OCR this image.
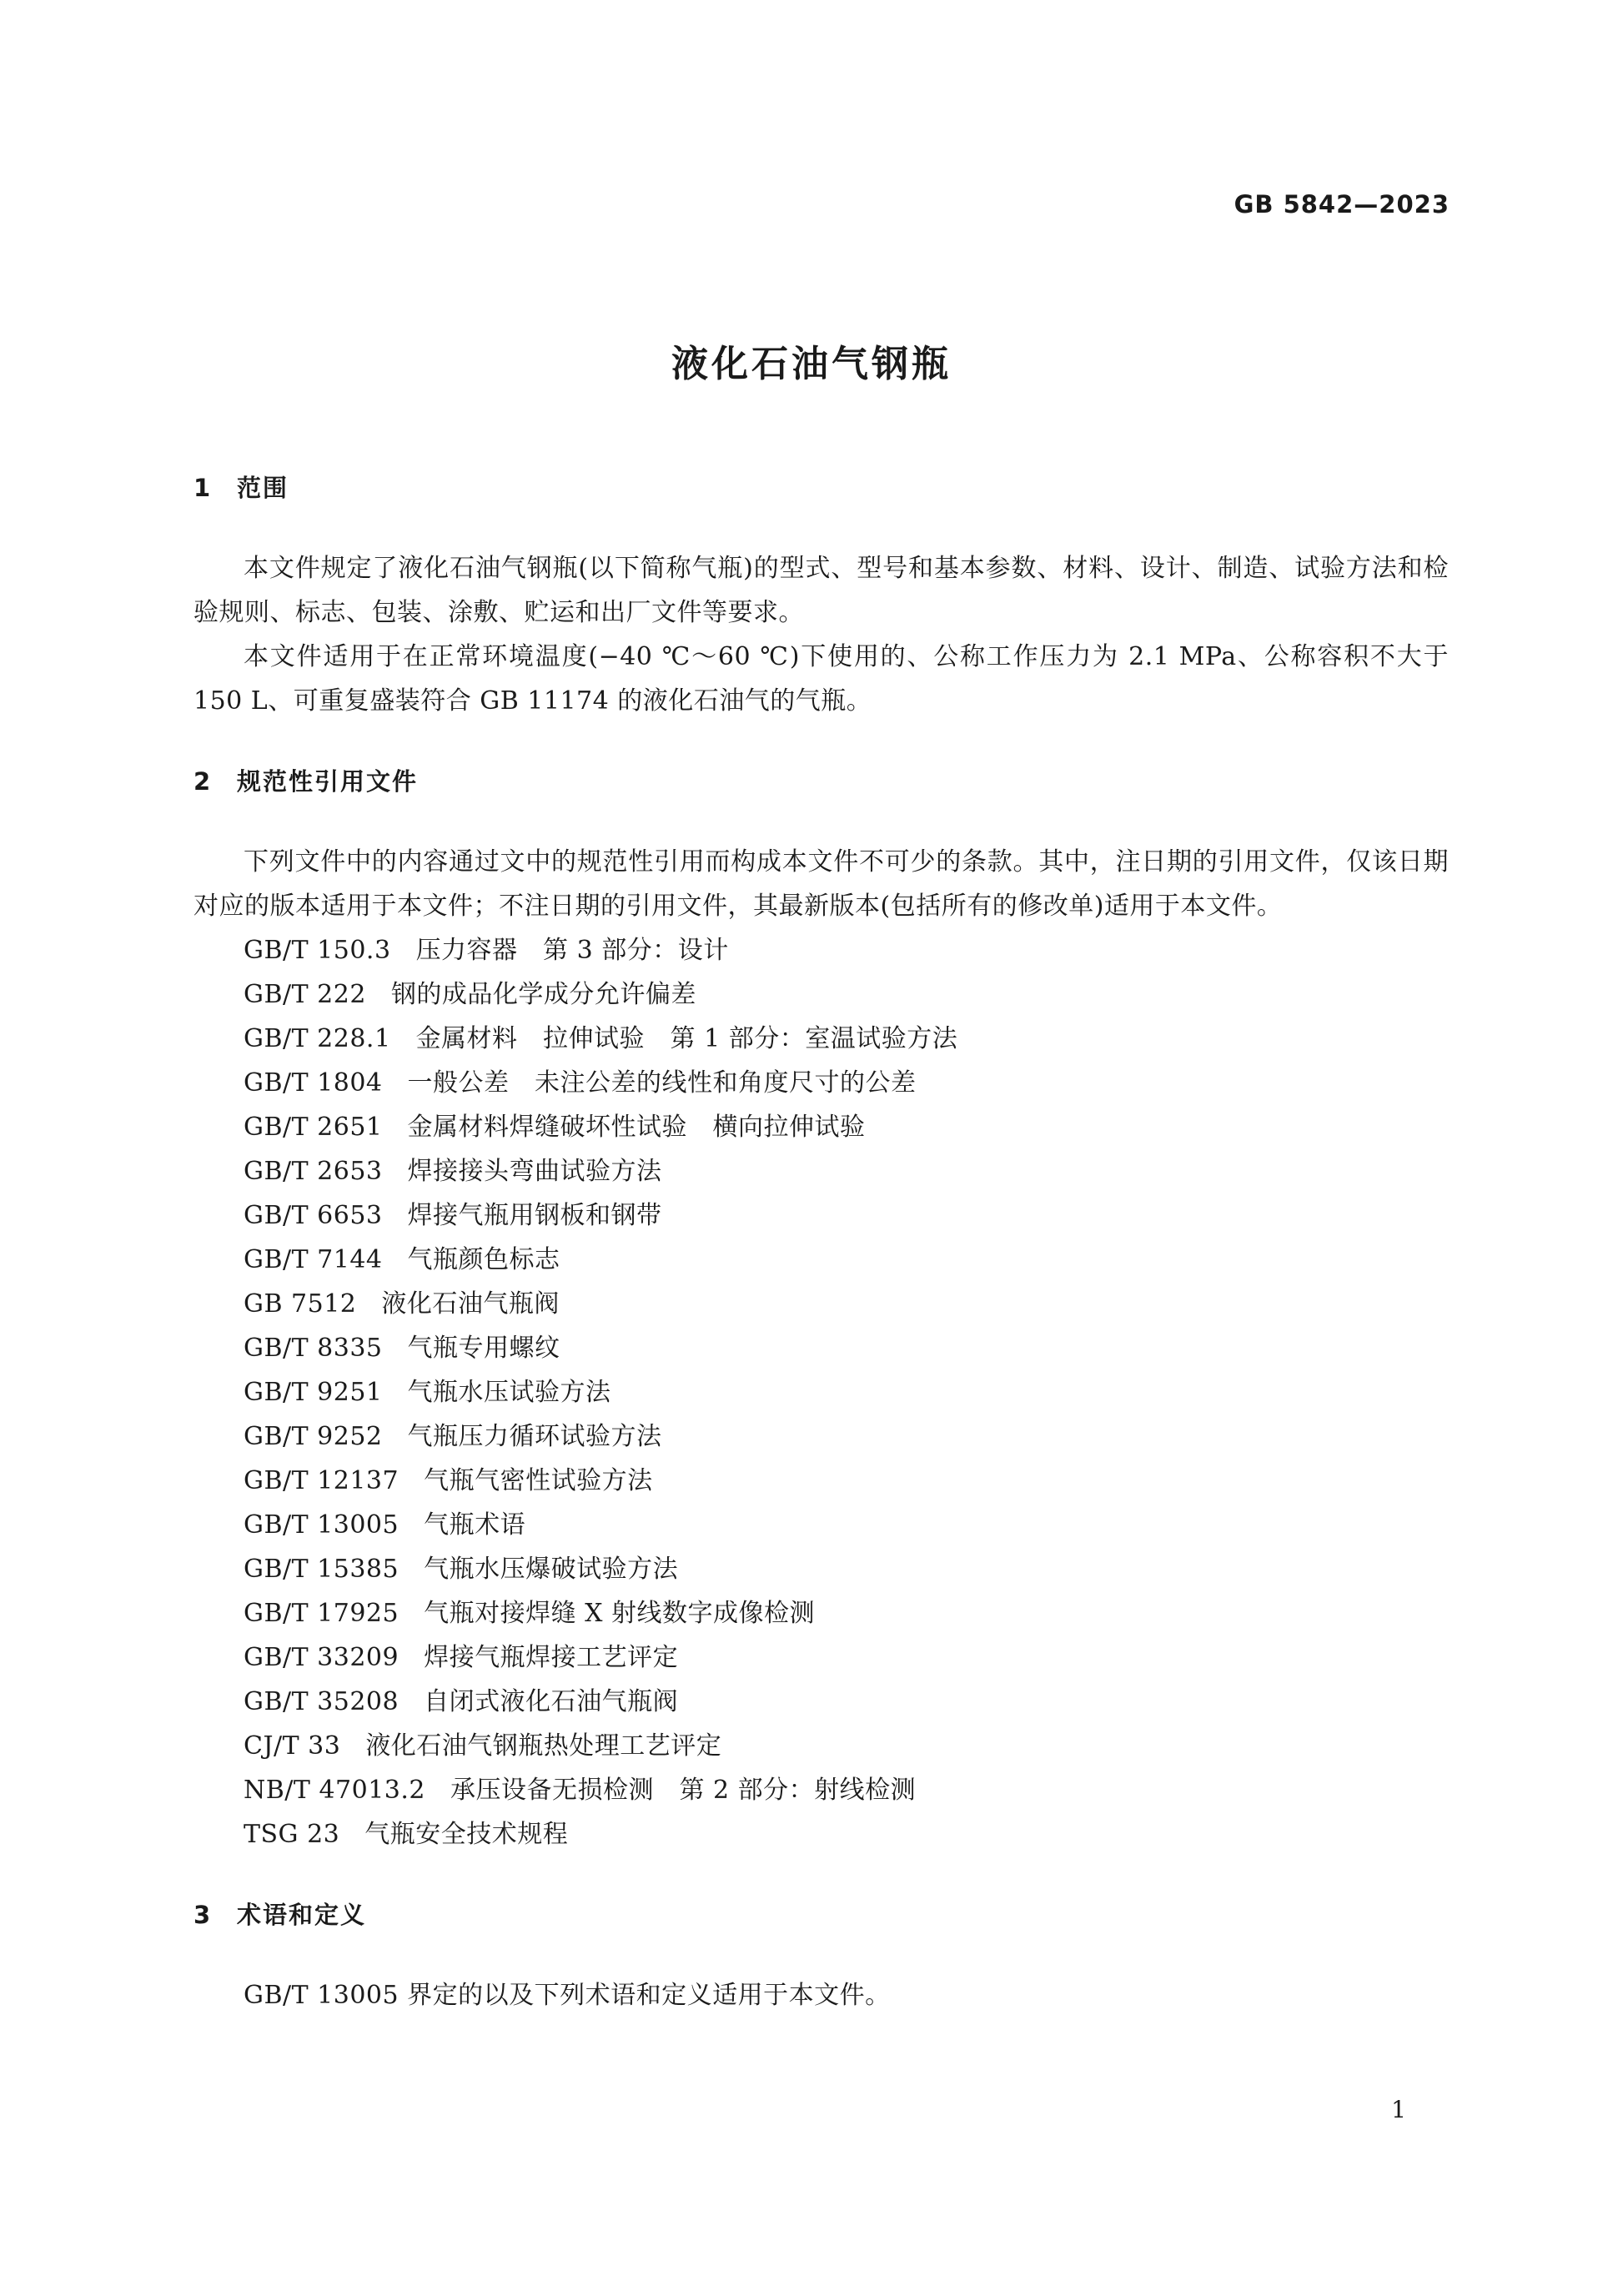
GB 5842—2023
液化石油气钢瓶
1 范围

本文件规定了液化石油气钢瓶(以下简称气瓶)的型式、型号和基本参数、材料、设计、制造、试验方法和检验规则、标志、包装、涂敷、贮运和出厂文件等要求。

本文件适用于在正常环境温度(−40 ℃～60 ℃)下使用的、公称工作压力为 2.1 MPa、公称容积不大于 150 L、可重复盛装符合 GB 11174 的液化石油气的气瓶。

2 规范性引用文件

下列文件中的内容通过文中的规范性引用而构成本文件不可少的条款。其中，注日期的引用文件，仅该日期对应的版本适用于本文件；不注日期的引用文件，其最新版本(包括所有的修改单)适用于本文件。

GB/T 150.3 压力容器　第 3 部分：设计
GB/T 222 钢的成品化学成分允许偏差
GB/T 228.1 金属材料　拉伸试验　第 1 部分：室温试验方法
GB/T 1804 一般公差　未注公差的线性和角度尺寸的公差
GB/T 2651 金属材料焊缝破坏性试验　横向拉伸试验
GB/T 2653 焊接接头弯曲试验方法
GB/T 6653 焊接气瓶用钢板和钢带
GB/T 7144 气瓶颜色标志
GB 7512 液化石油气瓶阀
GB/T 8335 气瓶专用螺纹
GB/T 9251 气瓶水压试验方法
GB/T 9252 气瓶压力循环试验方法
GB/T 12137 气瓶气密性试验方法
GB/T 13005 气瓶术语
GB/T 15385 气瓶水压爆破试验方法
GB/T 17925 气瓶对接焊缝 X 射线数字成像检测
GB/T 33209 焊接气瓶焊接工艺评定
GB/T 35208 自闭式液化石油气瓶阀
CJ/T 33 液化石油气钢瓶热处理工艺评定
NB/T 47013.2 承压设备无损检测　第 2 部分：射线检测
TSG 23 气瓶安全技术规程
3 术语和定义

GB/T 13005 界定的以及下列术语和定义适用于本文件。

1
